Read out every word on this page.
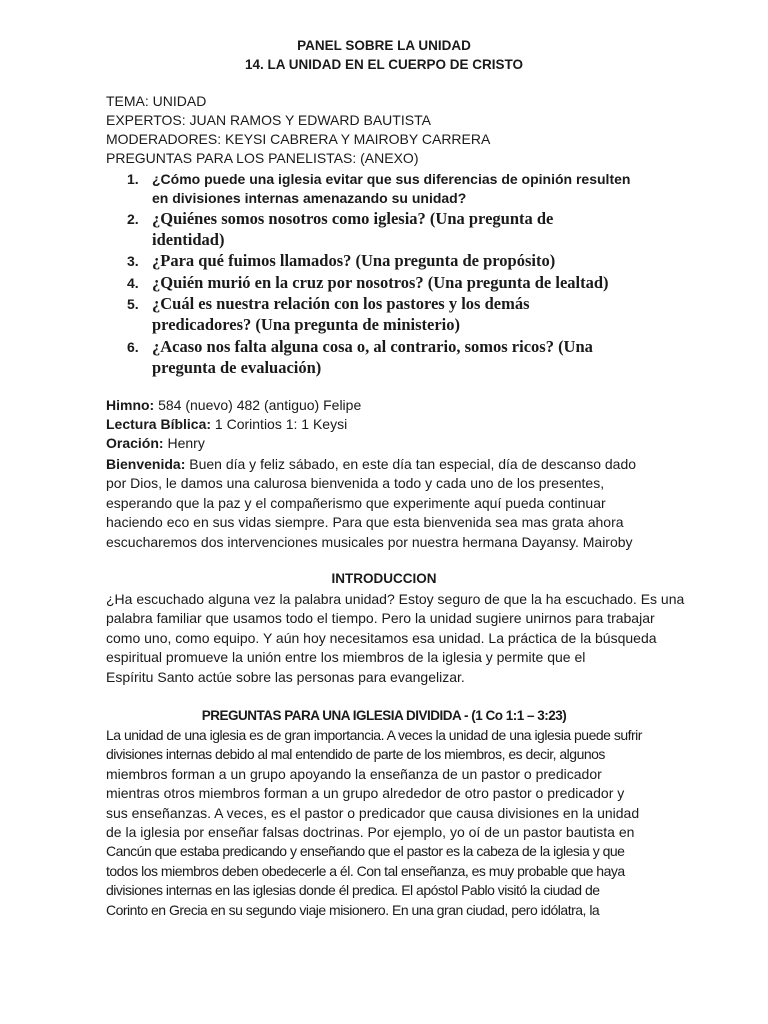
PANEL SOBRE LA UNIDAD
14. LA UNIDAD EN EL CUERPO DE CRISTO
TEMA: UNIDAD
EXPERTOS: JUAN RAMOS Y EDWARD BAUTISTA
MODERADORES: KEYSI CABRERA Y MAIROBY CARRERA
PREGUNTAS PARA LOS PANELISTAS: (ANEXO)
1. ¿Cómo puede una iglesia evitar que sus diferencias de opinión resulten
en divisiones internas amenazando su unidad?
2. ¿Quiénes somos nosotros como iglesia? (Una pregunta de
identidad)
3. ¿Para qué fuimos llamados? (Una pregunta de propósito)
4. ¿Quién murió en la cruz por nosotros? (Una pregunta de lealtad)
5. ¿Cuál es nuestra relación con los pastores y los demás
predicadores? (Una pregunta de ministerio)
6. ¿Acaso nos falta alguna cosa o, al contrario, somos ricos? (Una
pregunta de evaluación)
Himno: 584 (nuevo) 482 (antiguo) Felipe
Lectura Bíblica: 1 Corintios 1: 1 Keysi
Oración: Henry
Bienvenida: Buen día y feliz sábado, en este día tan especial, día de descanso dado
por Dios, le damos una calurosa bienvenida a todo y cada uno de los presentes,
esperando que la paz y el compañerismo que experimente aquí pueda continuar
haciendo eco en sus vidas siempre. Para que esta bienvenida sea mas grata ahora
escucharemos dos intervenciones musicales por nuestra hermana Dayansy. Mairoby
INTRODUCCION
¿Ha escuchado alguna vez la palabra unidad? Estoy seguro de que la ha escuchado. Es una
palabra familiar que usamos todo el tiempo. Pero la unidad sugiere unirnos para trabajar
como uno, como equipo. Y aún hoy necesitamos esa unidad. La práctica de la búsqueda
espiritual promueve la unión entre los miembros de la iglesia y permite que el
Espíritu Santo actúe sobre las personas para evangelizar.
PREGUNTAS PARA UNA IGLESIA DIVIDIDA - (1 Co 1:1 – 3:23)
La unidad de una iglesia es de gran importancia. A veces la unidad de una iglesia puede sufrir
divisiones internas debido al mal entendido de parte de los miembros, es decir, algunos
miembros forman a un grupo apoyando la enseñanza de un pastor o predicador
mientras otros miembros forman a un grupo alrededor de otro pastor o predicador y
sus enseñanzas. A veces, es el pastor o predicador que causa divisiones en la unidad
de la iglesia por enseñar falsas doctrinas. Por ejemplo, yo oí de un pastor bautista en
Cancún que estaba predicando y enseñando que el pastor es la cabeza de la iglesia y que
todos los miembros deben obedecerle a él. Con tal enseñanza, es muy probable que haya
divisiones internas en las iglesias donde él predica. El apóstol Pablo visitó la ciudad de
Corinto en Grecia en su segundo viaje misionero. En una gran ciudad, pero idólatra, la
